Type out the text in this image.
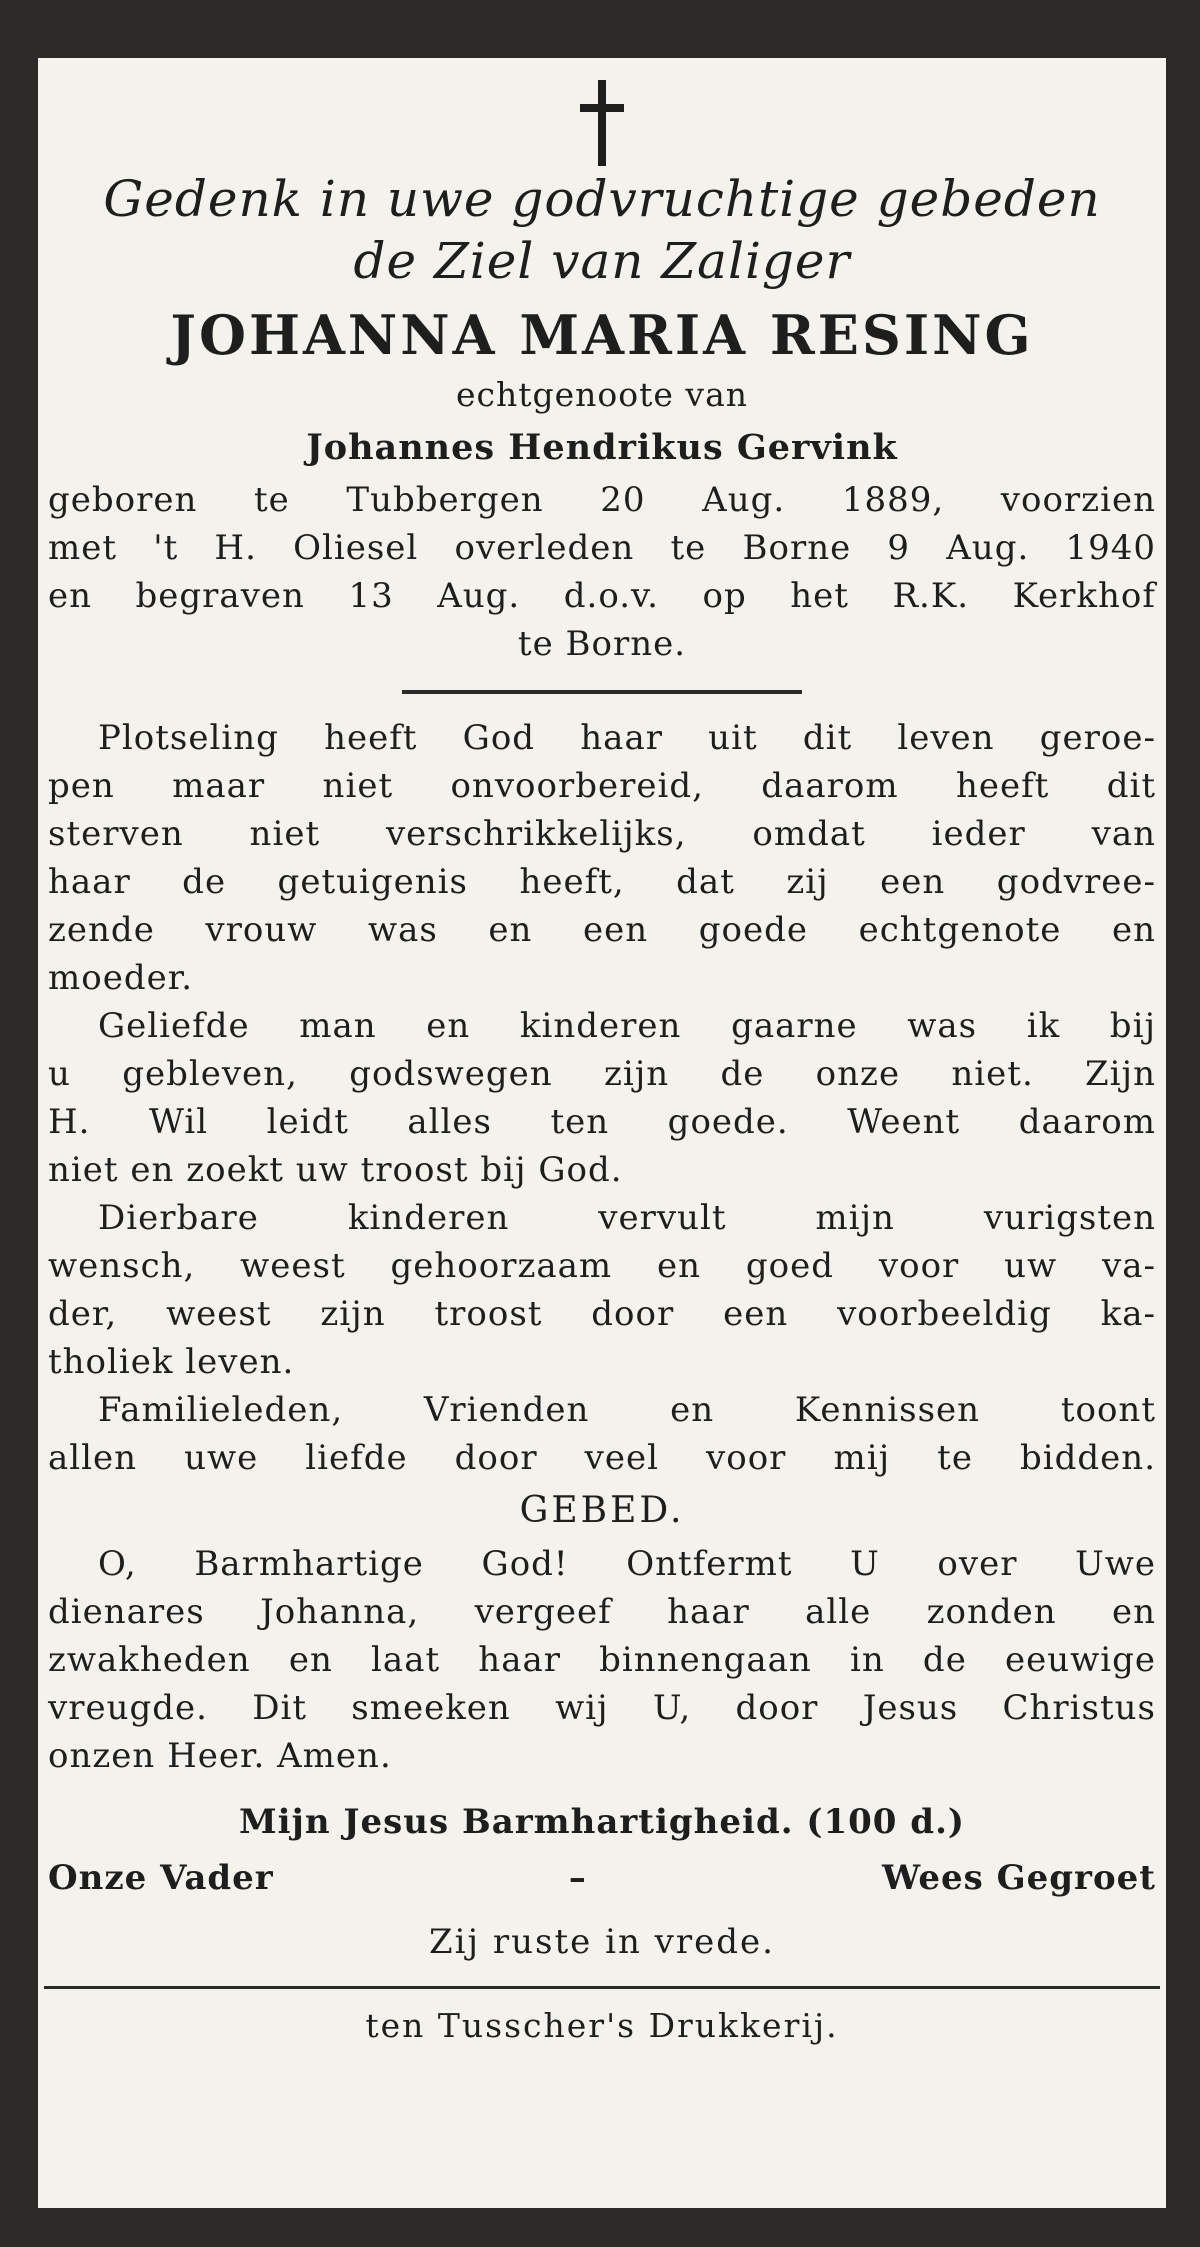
Gedenk in uwe godvruchtige gebeden
de Ziel van Zaliger
JOHANNA MARIA RESING
echtgenoote van
Johannes Hendrikus Gervink
geboren te Tubbergen 20 Aug. 1889, voorzien
met 't H. Oliesel overleden te Borne 9 Aug. 1940
en begraven 13 Aug. d.o.v. op het R.K. Kerkhof
te Borne.
Plotseling heeft God haar uit dit leven geroe-
pen maar niet onvoorbereid, daarom heeft dit
sterven niet verschrikkelijks, omdat ieder van
haar de getuigenis heeft, dat zij een godvree-
zende vrouw was en een goede echtgenote en
moeder.
Geliefde man en kinderen gaarne was ik bij
u gebleven, godswegen zijn de onze niet. Zijn
H. Wil leidt alles ten goede. Weent daarom
niet en zoekt uw troost bij God.
Dierbare kinderen vervult mijn vurigsten
wensch, weest gehoorzaam en goed voor uw va-
der, weest zijn troost door een voorbeeldig ka-
tholiek leven.
Familieleden, Vrienden en Kennissen toont
allen uwe liefde door veel voor mij te bidden.
GEBED.
O, Barmhartige God! Ontfermt U over Uwe
dienares Johanna, vergeef haar alle zonden en
zwakheden en laat haar binnengaan in de eeuwige
vreugde. Dit smeeken wij U, door Jesus Christus
onzen Heer. Amen.
Mijn Jesus Barmhartigheid. (100 d.)
Onze Vader	–	Wees Gegroet
Zij ruste in vrede.
ten Tusscher's Drukkerij.
